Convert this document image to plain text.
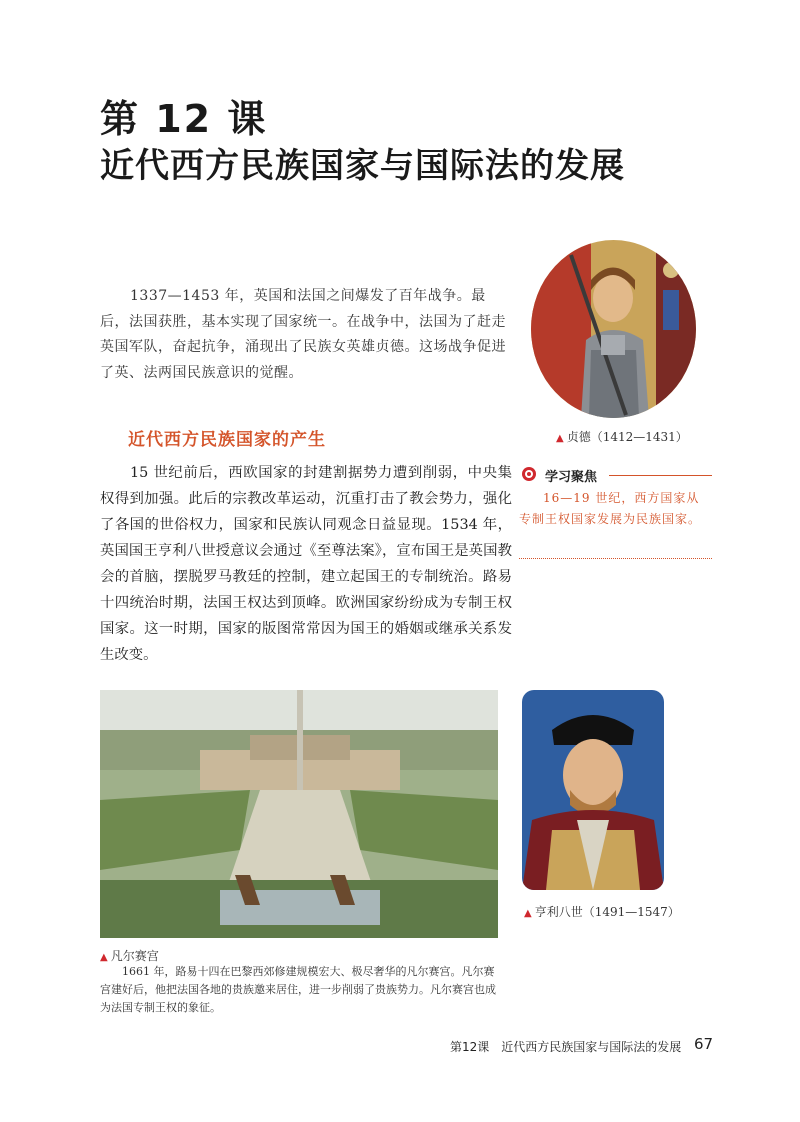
第 12 课
近代西方民族国家与国际法的发展

1337—1453 年，英国和法国之间爆发了百年战争。最后，法国获胜，基本实现了国家统一。在战争中，法国为了赶走英国军队，奋起抗争，涌现出了民族女英雄贞德。这场战争促进了英、法两国民族意识的觉醒。

▲ 贞德（1412—1431）
近代西方民族国家的产生

15 世纪前后，西欧国家的封建割据势力遭到削弱，中央集权得到加强。此后的宗教改革运动，沉重打击了教会势力，强化了各国的世俗权力，国家和民族认同观念日益显现。1534 年，英国国王亨利八世授意议会通过《至尊法案》，宣布国王是英国教会的首脑，摆脱罗马教廷的控制，建立起国王的专制统治。路易十四统治时期，法国王权达到顶峰。欧洲国家纷纷成为专制王权国家。这一时期，国家的版图常常因为国王的婚姻或继承关系发生改变。

学习聚焦

16—19 世纪，西方国家从专制王权国家发展为民族国家。

▲ 凡尔赛宫

1661 年，路易十四在巴黎西郊修建规模宏大、极尽奢华的凡尔赛宫。凡尔赛宫建好后，他把法国各地的贵族邀来居住，进一步削弱了贵族势力。凡尔赛宫也成为法国专制王权的象征。

▲ 亨利八世（1491—1547）
第12课 近代西方民族国家与国际法的发展 67
